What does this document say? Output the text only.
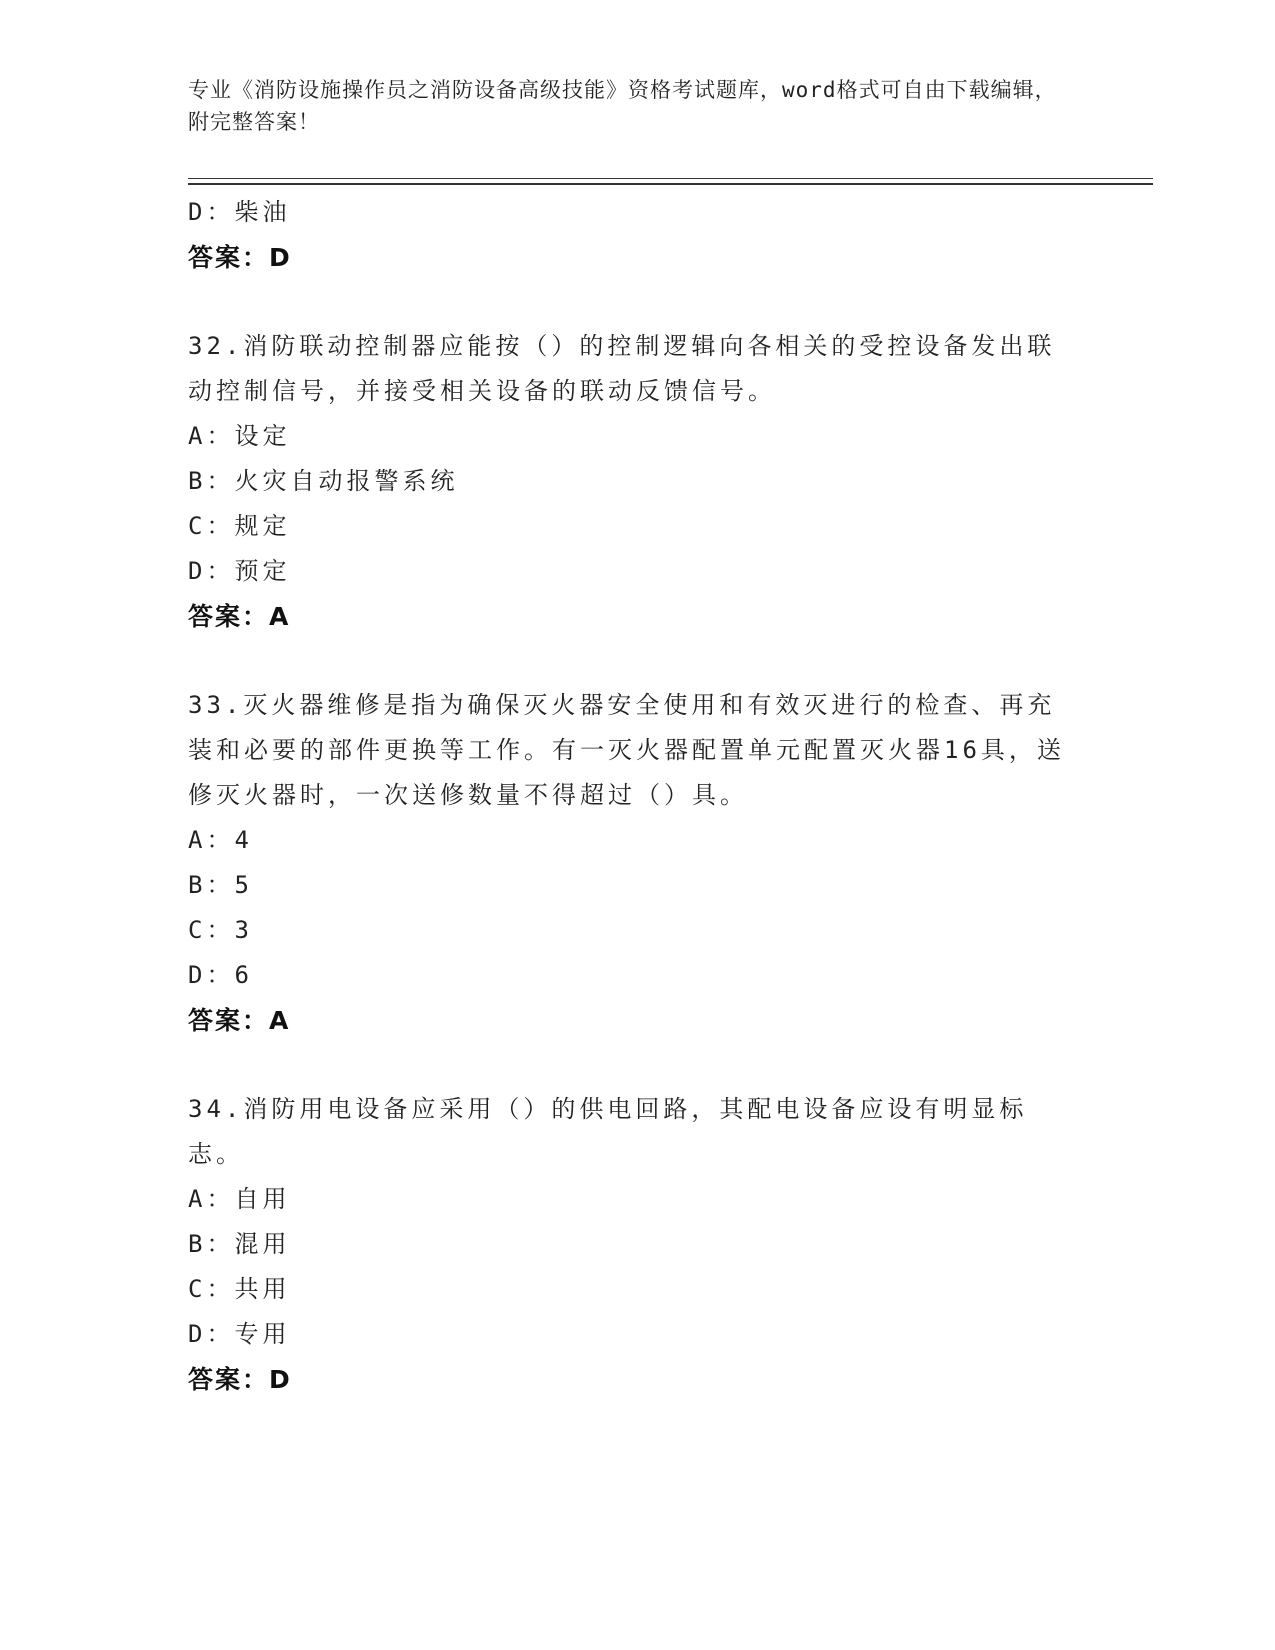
专业《消防设施操作员之消防设备高级技能》资格考试题库，word格式可自由下载编辑，附完整答案！
D：柴油
答案：D

32.消防联动控制器应能按（）的控制逻辑向各相关的受控设备发出联动控制信号，并接受相关设备的联动反馈信号。

A：设定
B：火灾自动报警系统
C：规定
D：预定
答案：A

33.灭火器维修是指为确保灭火器安全使用和有效灭进行的检查、再充装和必要的部件更换等工作。有一灭火器配置单元配置灭火器16具，送修灭火器时，一次送修数量不得超过（）具。

A：4
B：5
C：3
D：6
答案：A

34.消防用电设备应采用（）的供电回路，其配电设备应设有明显标志。

A：自用
B：混用
C：共用
D：专用
答案：D
